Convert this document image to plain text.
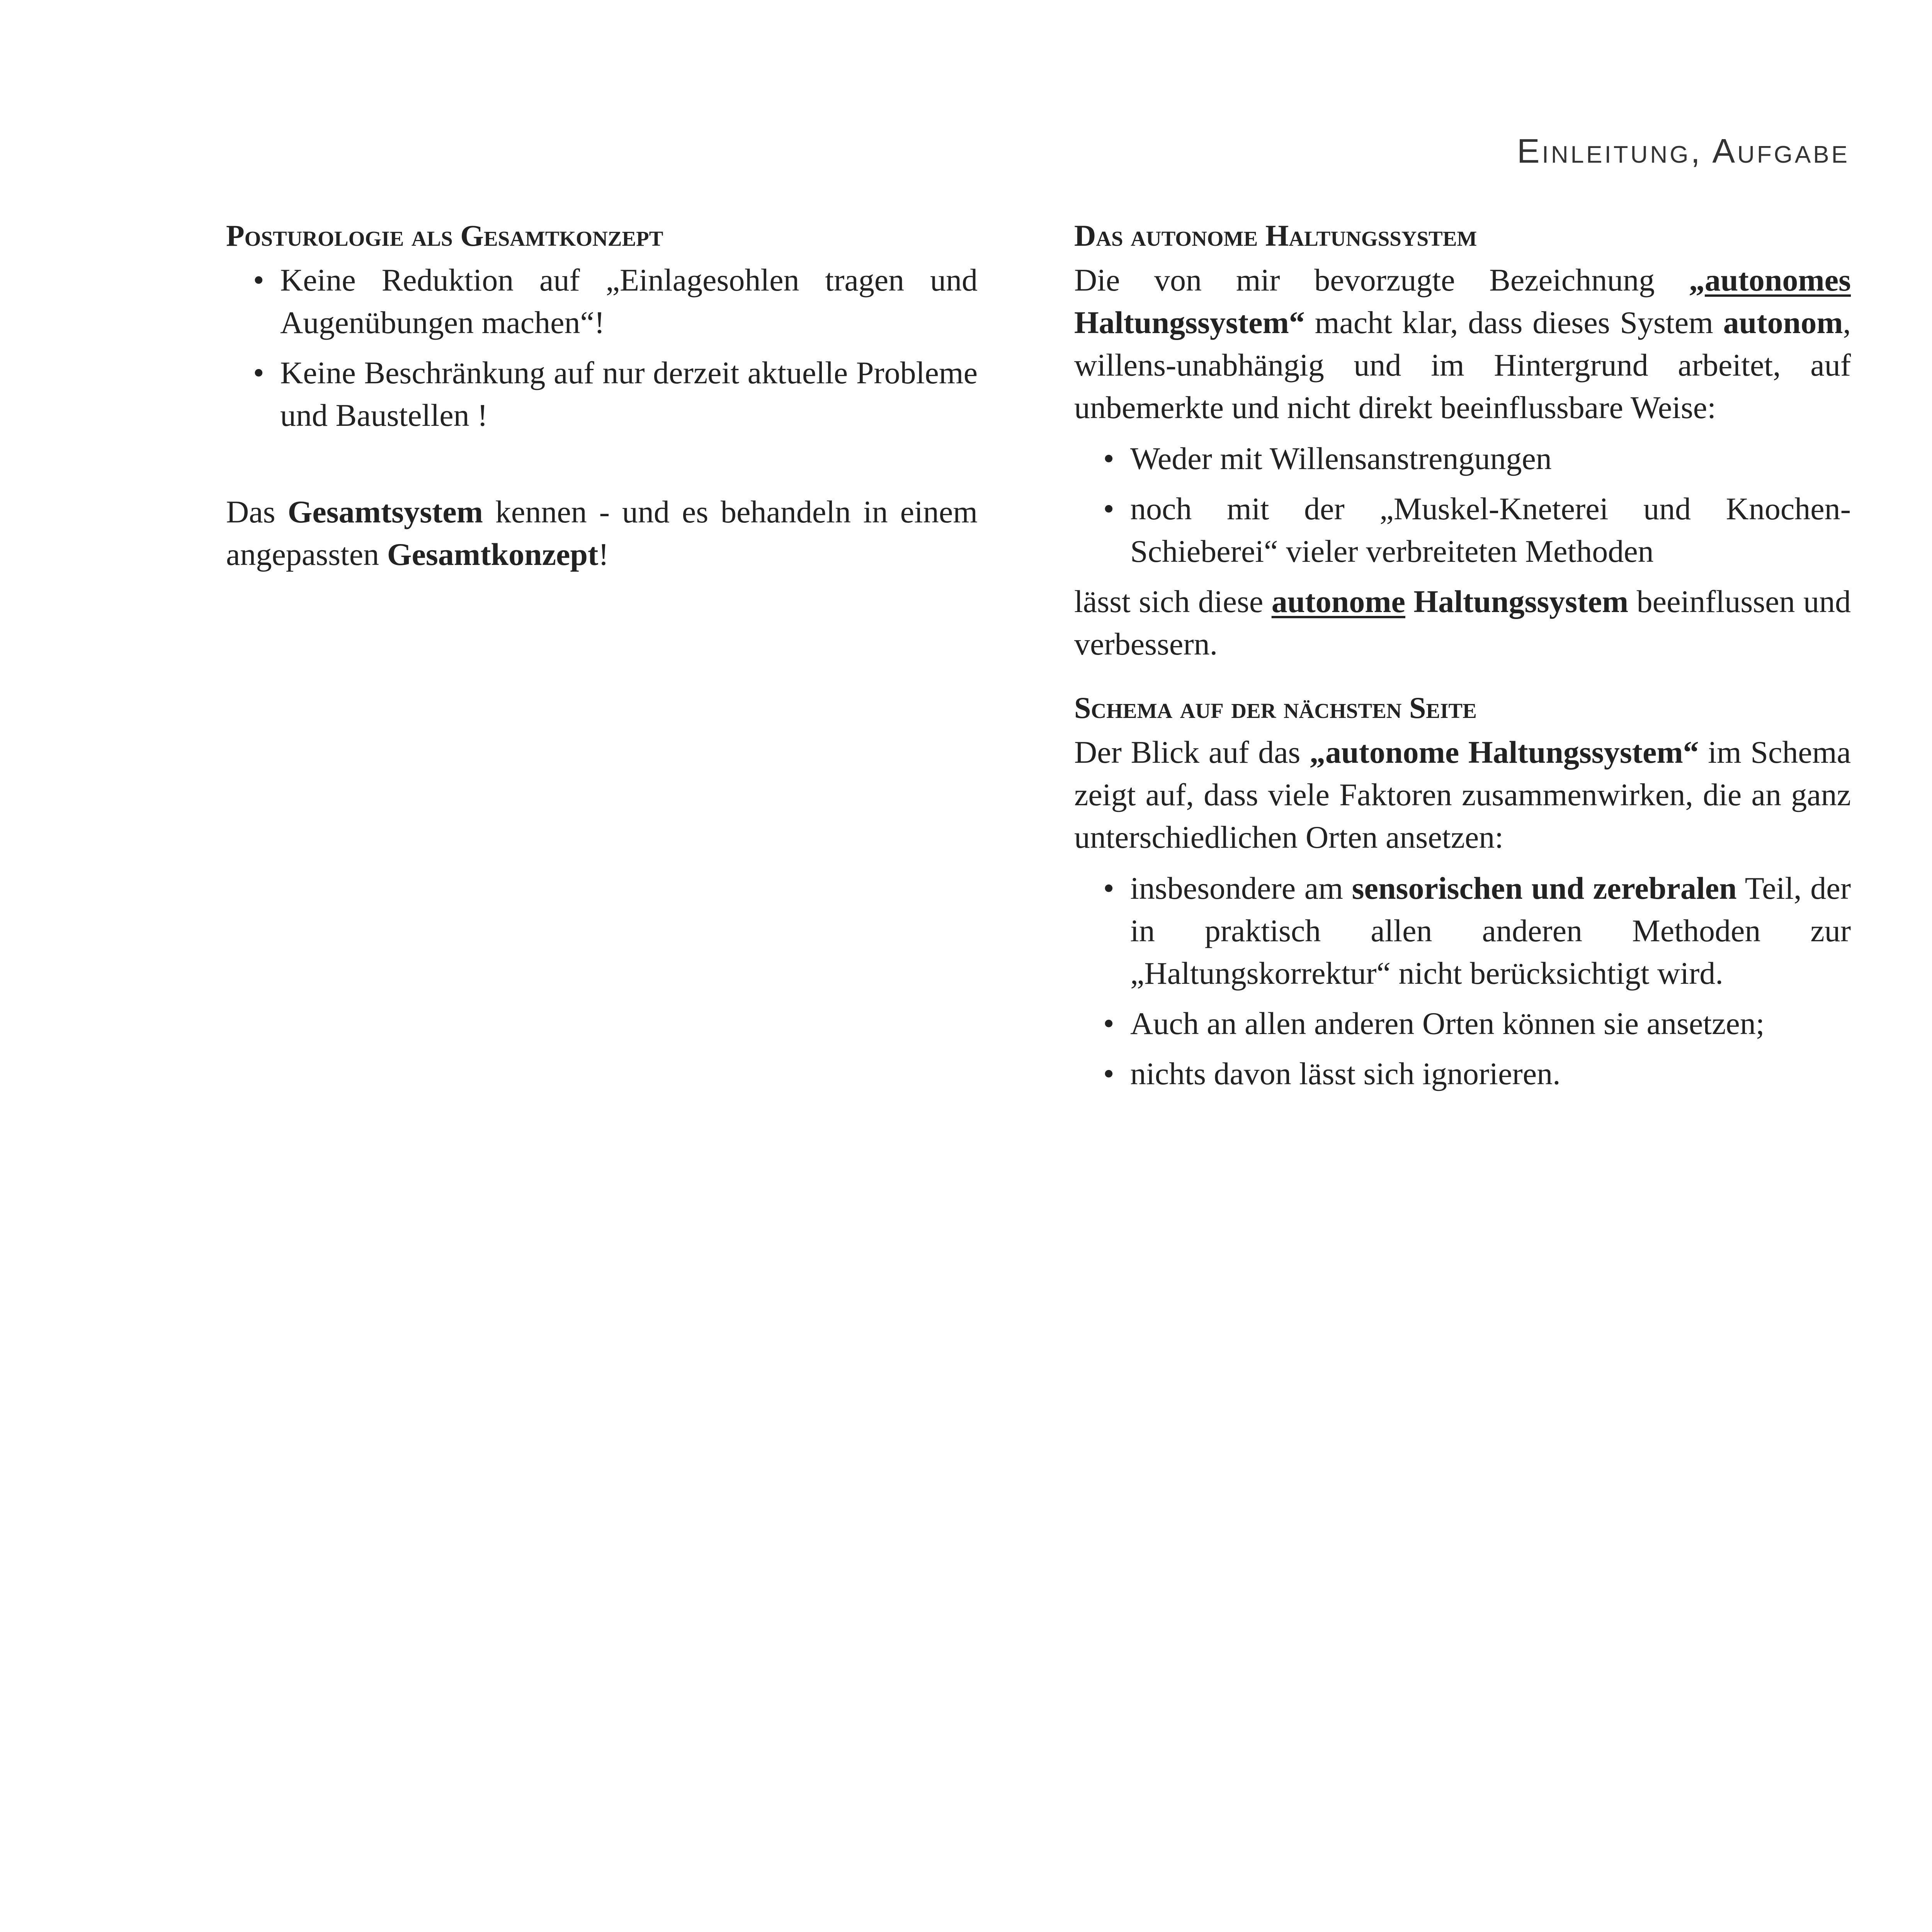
Einleitung, Aufgabe
Posturologie als Gesamtkonzept
• Keine Reduktion auf „Einlagesohlen tragen und Augenübungen machen“!
• Keine Beschränkung auf nur derzeit aktuelle Probleme und Baustellen !

Das Gesamtsystem kennen - und es behandeln in einem angepassten Gesamtkonzept!

Das autonome Haltungssystem

Die von mir bevorzugte Bezeichnung „autonomes Haltungssystem“ macht klar, dass dieses System autonom, willens-unabhängig und im Hintergrund arbeitet, auf unbemerkte und nicht direkt beeinflussbare Weise:

• Weder mit Willensanstrengungen
• noch mit der „Muskel-Kneterei und Knochen-Schieberei“ vieler verbreiteten Methoden

lässt sich diese autonome Haltungssystem beeinflussen und verbessern.

Schema auf der nächsten Seite

Der Blick auf das „autonome Haltungssystem“ im Schema zeigt auf, dass viele Faktoren zusammenwirken, die an ganz unterschiedlichen Orten ansetzen:

• insbesondere am sensorischen und zerebralen Teil, der in praktisch allen anderen Methoden zur „Haltungskorrektur“ nicht berücksichtigt wird.
• Auch an allen anderen Orten können sie ansetzen;
• nichts davon lässt sich ignorieren.
